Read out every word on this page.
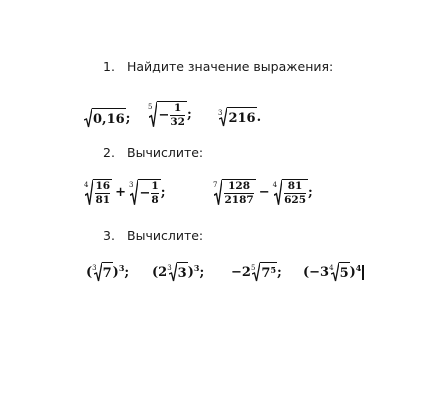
1. Найдите значение выражения:
2. Вычислите:
3. Вычислите:
0,16 ;
5
− $\frac{1}{32}$ ;	3 216 .
$4 \frac{16}{81} + 3$
− $\frac{1}{8}$ ;	$7 \frac{128}{2187} - 4 \frac{81}{625}$ ;
( 3 7 ) 3 ; (2 3 3 ) 3 ; −2 5 7 5 ; (−3 4 5 ) 4
